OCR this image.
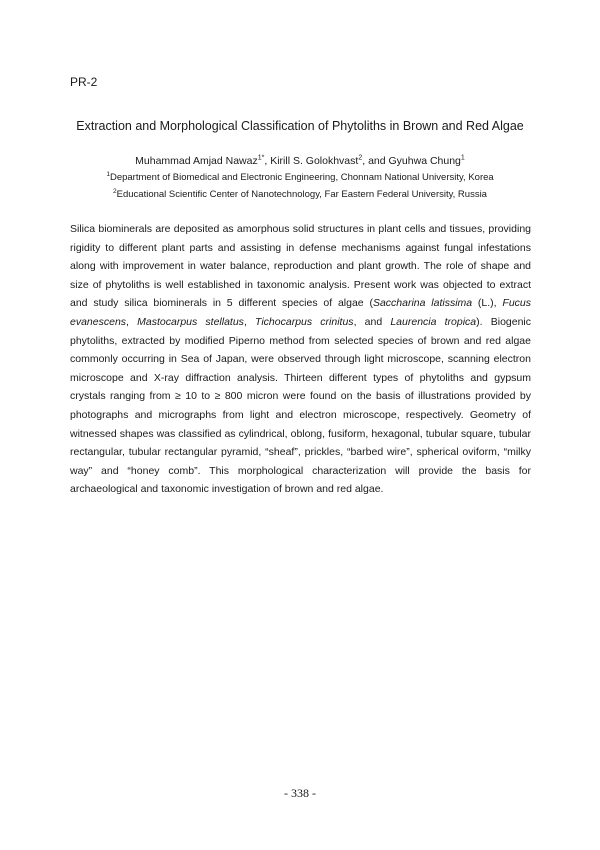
PR-2
Extraction and Morphological Classification of Phytoliths in Brown and Red Algae
Muhammad Amjad Nawaz$^{1*}$, Kirill S. Golokhvast$^2$, and Gyuhwa Chung$^1$
$^1$Department of Biomedical and Electronic Engineering, Chonnam National University, Korea
$^2$Educational Scientific Center of Nanotechnology, Far Eastern Federal University, Russia

Silica biominerals are deposited as amorphous solid structures in plant cells and tissues, providing rigidity to different plant parts and assisting in defense mechanisms against fungal infestations along with improvement in water balance, reproduction and plant growth. The role of shape and size of phytoliths is well established in taxonomic analysis. Present work was objected to extract and study silica biominerals in 5 different species of algae (Saccharina latissima (L.), Fucus evanescens, Mastocarpus stellatus, Tichocarpus crinitus, and Laurencia tropica). Biogenic phytoliths, extracted by modified Piperno method from selected species of brown and red algae commonly occurring in Sea of Japan, were observed through light microscope, scanning electron microscope and X-ray diffraction analysis. Thirteen different types of phytoliths and gypsum crystals ranging from ≥ 10 to ≥ 800 micron were found on the basis of illustrations provided by photographs and micrographs from light and electron microscope, respectively. Geometry of witnessed shapes was classified as cylindrical, oblong, fusiform, hexagonal, tubular square, tubular rectangular, tubular rectangular pyramid, “sheaf”, prickles, “barbed wire”, spherical oviform, “milky way” and “honey comb”. This morphological characterization will provide the basis for archaeological and taxonomic investigation of brown and red algae.

- 338 -
